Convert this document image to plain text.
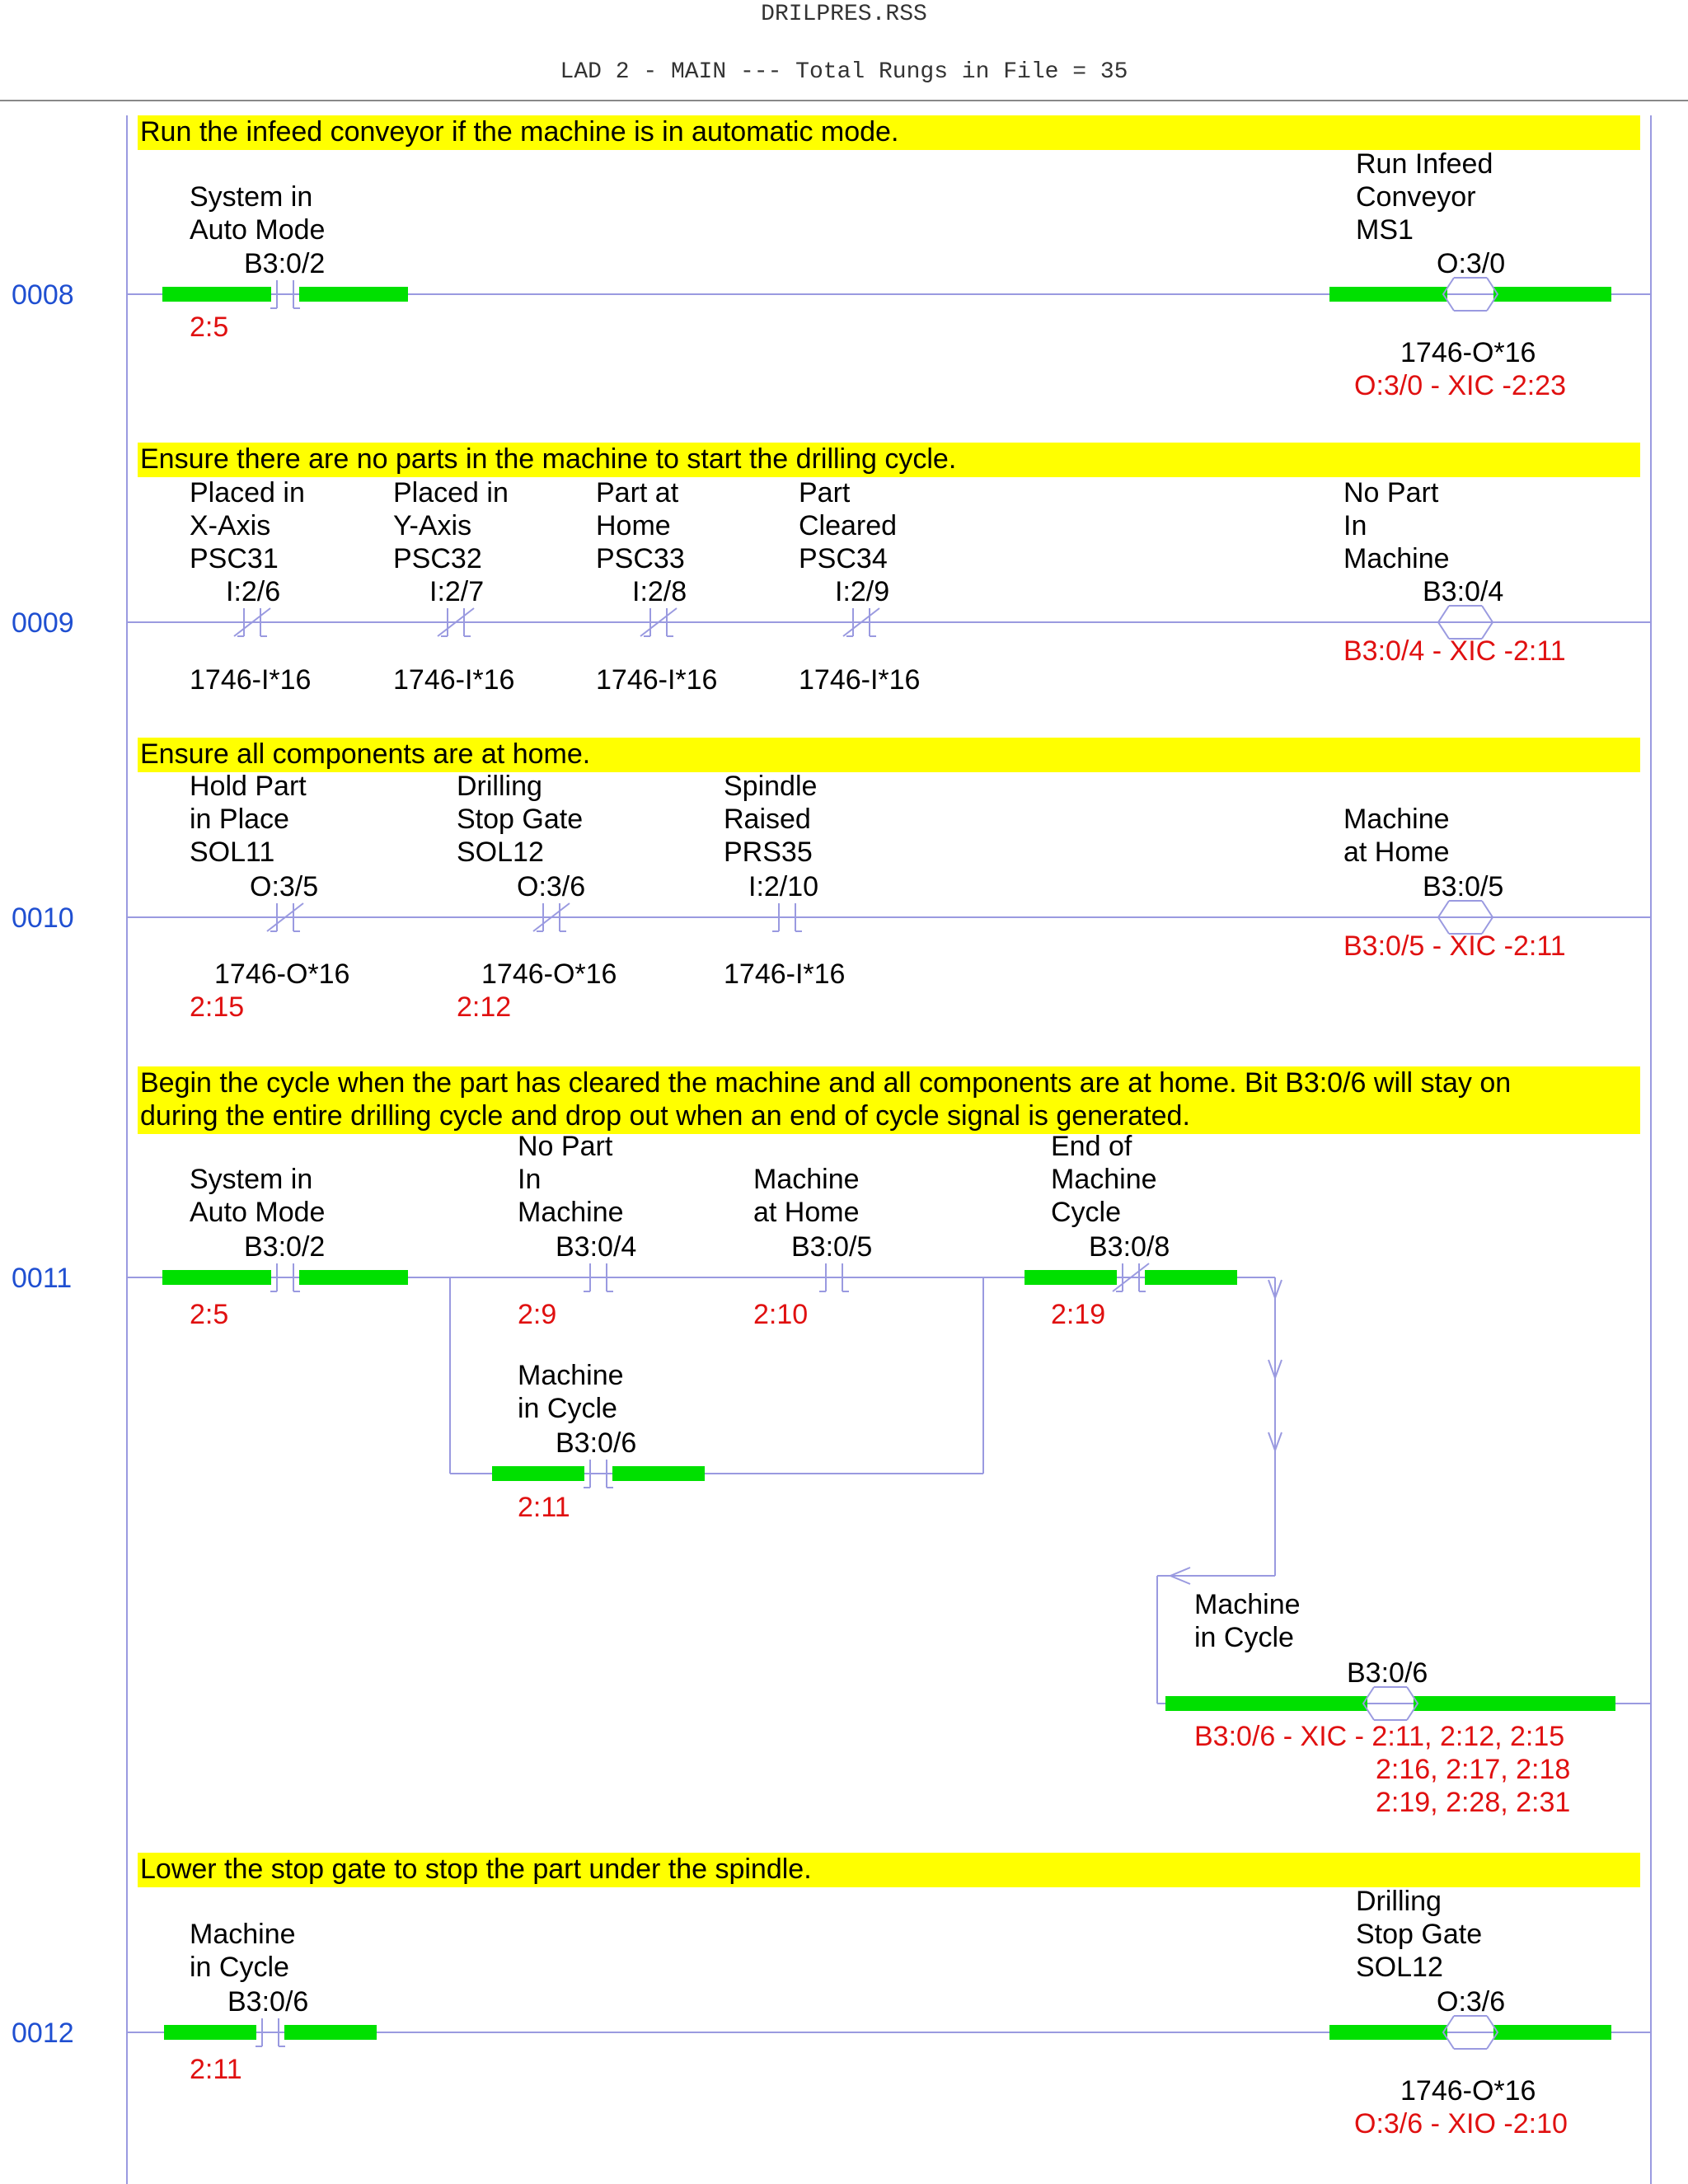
DRILPRES.RSS
LAD 2 - MAIN --- Total Rungs in File = 35
Run the infeed conveyor if the machine is in automatic mode.
0008
System in
Auto Mode
B3:0/2
2:5
Run Infeed
Conveyor
MS1
O:3/0
1746-O*16
O:3/0 - XIC -2:23
Ensure there are no parts in the machine to start the drilling cycle.
0009
Placed in
X-Axis
PSC31
I:2/6
1746-I*16
Placed in
Y-Axis
PSC32
I:2/7
1746-I*16
Part at
Home
PSC33
I:2/8
1746-I*16
Part
Cleared
PSC34
I:2/9
1746-I*16
No Part
In
Machine
B3:0/4
B3:0/4 - XIC -2:11
Ensure all components are at home.
0010
Hold Part
in Place
SOL11
O:3/5
1746-O*16
2:15
Drilling
Stop Gate
SOL12
O:3/6
1746-O*16
2:12
Spindle
Raised
PRS35
I:2/10
1746-I*16
Machine
at Home
B3:0/5
B3:0/5 - XIC -2:11
Begin the cycle when the part has cleared the machine and all components are at home. Bit B3:0/6 will stay on
during the entire drilling cycle and drop out when an end of cycle signal is generated.
0011
System in
Auto Mode
B3:0/2
2:5
No Part
In
Machine
B3:0/4
2:9
Machine
at Home
B3:0/5
2:10
End of
Machine
Cycle
B3:0/8
2:19
Machine
in Cycle
B3:0/6
2:11
Machine
in Cycle
B3:0/6
B3:0/6 - XIC - 2:11, 2:12, 2:15
2:16, 2:17, 2:18
2:19, 2:28, 2:31
Lower the stop gate to stop the part under the spindle.
0012
Machine
in Cycle
B3:0/6
2:11
Drilling
Stop Gate
SOL12
O:3/6
1746-O*16
O:3/6 - XIO -2:10
